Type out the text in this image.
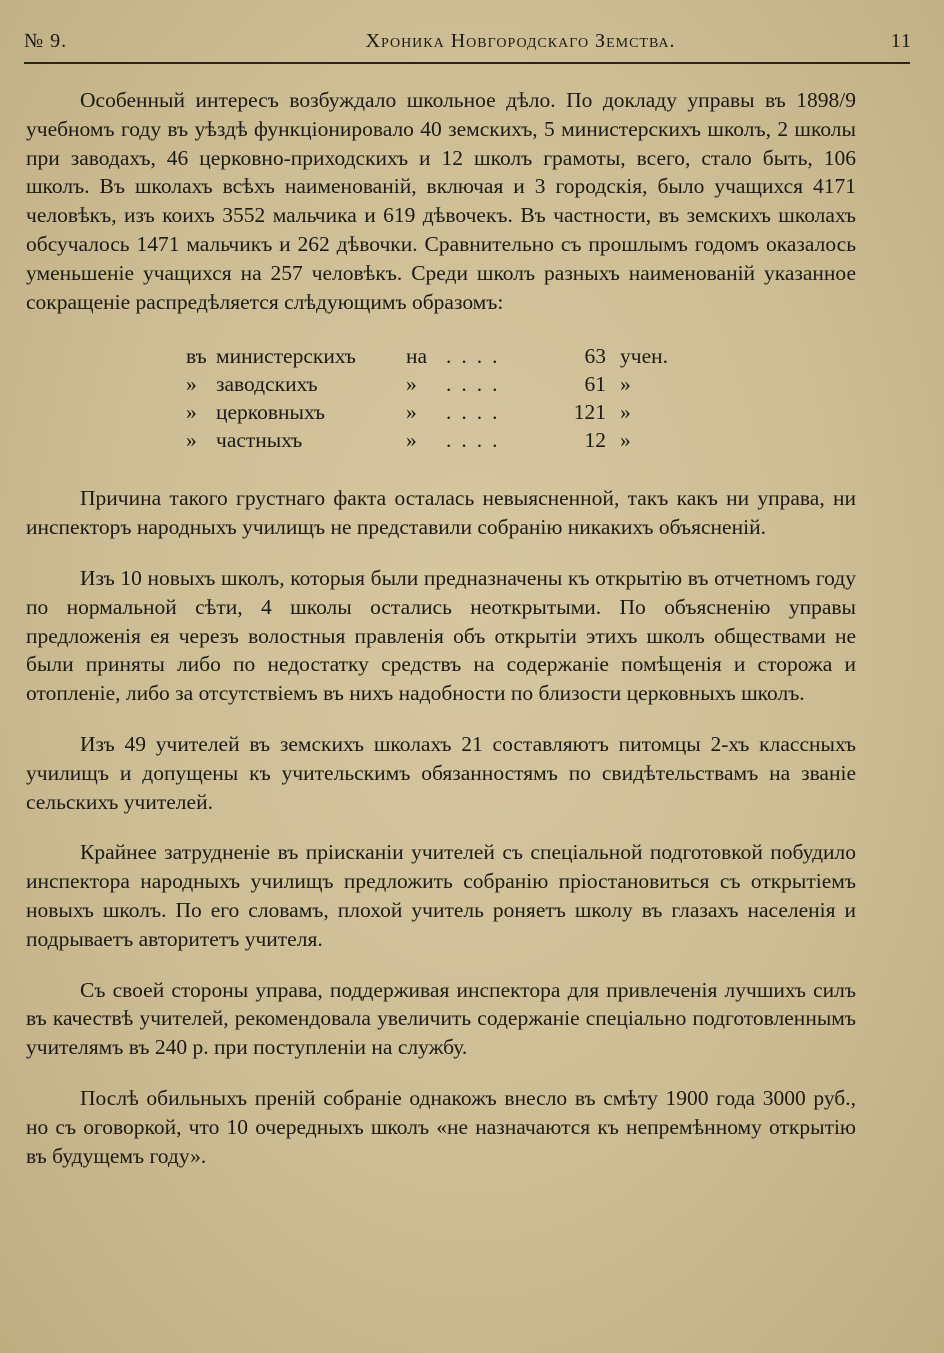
№ 9.	Хроника Новгородскаго Земства.	11

Особенный интересъ возбуждало школьное дѣло. По докладу управы въ 1898/9 учебномъ году въ уѣздѣ функціонировало 40 земскихъ, 5 министерскихъ школъ, 2 школы при заводахъ, 46 церковно-приходскихъ и 12 школъ грамоты, всего, стало быть, 106 школъ. Въ школахъ всѣхъ наименованій, включая и 3 городскія, было учащихся 4171 человѣкъ, изъ коихъ 3552 мальчика и 619 дѣвочекъ. Въ частности, въ земскихъ школахъ обсучалось 1471 мальчикъ и 262 дѣвочки. Сравнительно съ прошлымъ годомъ оказалось уменьшеніе учащихся на 257 человѣкъ. Среди школъ разныхъ наименованій указанное сокращеніе распредѣляется слѣдующимъ образомъ:

въ	министерскихъ	на	....	63	учен.
»	заводскихъ	»	....	61	»
»	церковныхъ	»	....	121	»
»	частныхъ	»	....	12	»

Причина такого грустнаго факта осталась невыясненной, такъ какъ ни управа, ни инспекторъ народныхъ училищъ не представили собранію никакихъ объясненій.

Изъ 10 новыхъ школъ, которыя были предназначены къ открытію въ отчетномъ году по нормальной сѣти, 4 школы остались неоткрытыми. По объясненію управы предложенія ея черезъ волостныя правленія объ открытіи этихъ школъ обществами не были приняты либо по недостатку средствъ на содержаніе помѣщенія и сторожа и отопленіе, либо за отсутствіемъ въ нихъ надобности по близости церковныхъ школъ.

Изъ 49 учителей въ земскихъ школахъ 21 составляютъ питомцы 2-хъ классныхъ училищъ и допущены къ учительскимъ обязанностямъ по свидѣтельствамъ на званіе сельскихъ учителей.

Крайнее затрудненіе въ пріисканіи учителей съ спеціальной подготовкой побудило инспектора народныхъ училищъ предложить собранію пріостановиться съ открытіемъ новыхъ школъ. По его словамъ, плохой учитель роняетъ школу въ глазахъ населенія и подрываетъ авторитетъ учителя.

Съ своей стороны управа, поддерживая инспектора для привлеченія лучшихъ силъ въ качествѣ учителей, рекомендовала увеличить содержаніе спеціально подготовленнымъ учителямъ въ 240 р. при поступленіи на службу.

Послѣ обильныхъ преній собраніе однакожъ внесло въ смѣту 1900 года 3000 руб., но съ оговоркой, что 10 очередныхъ школъ «не назначаются къ непремѣнному открытію въ будущемъ году».
